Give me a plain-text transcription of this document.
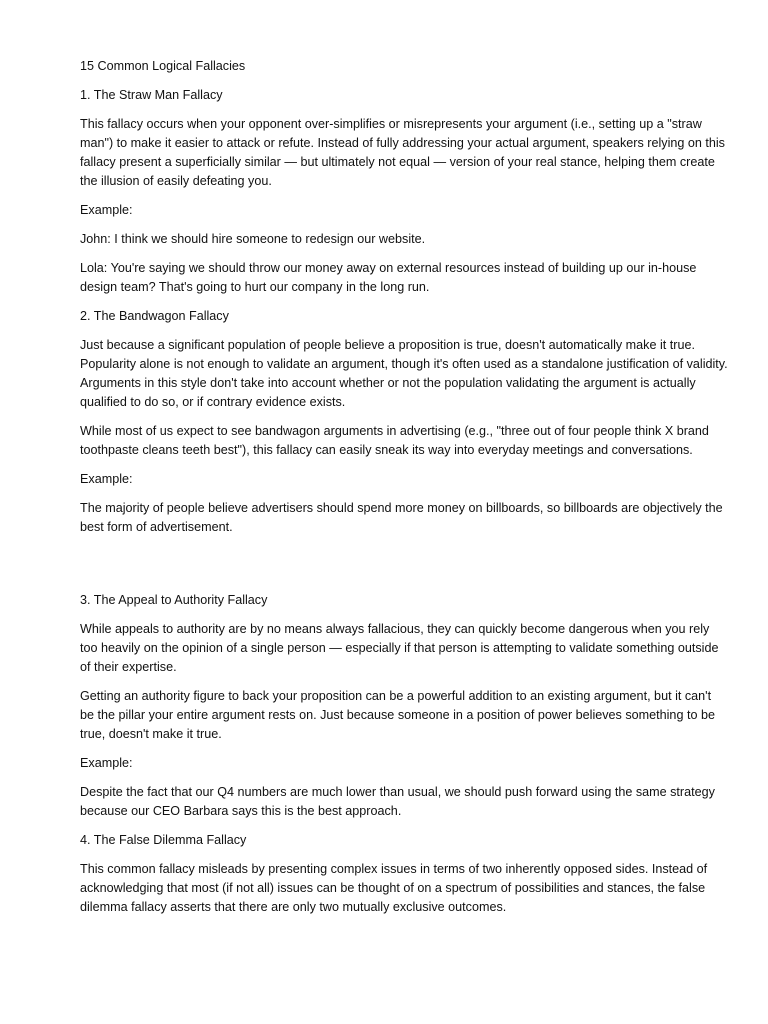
15 Common Logical Fallacies

1. The Straw Man Fallacy

This fallacy occurs when your opponent over-simplifies or misrepresents your argument (i.e., setting up a "straw man") to make it easier to attack or refute. Instead of fully addressing your actual argument, speakers relying on this fallacy present a superficially similar — but ultimately not equal — version of your real stance, helping them create the illusion of easily defeating you.

Example:

John: I think we should hire someone to redesign our website.

Lola: You're saying we should throw our money away on external resources instead of building up our in-house design team? That's going to hurt our company in the long run.

2. The Bandwagon Fallacy

Just because a significant population of people believe a proposition is true, doesn't automatically make it true. Popularity alone is not enough to validate an argument, though it's often used as a standalone justification of validity. Arguments in this style don't take into account whether or not the population validating the argument is actually qualified to do so, or if contrary evidence exists.

While most of us expect to see bandwagon arguments in advertising (e.g., "three out of four people think X brand toothpaste cleans teeth best"), this fallacy can easily sneak its way into everyday meetings and conversations.

Example:

The majority of people believe advertisers should spend more money on billboards, so billboards are objectively the best form of advertisement.

3. The Appeal to Authority Fallacy

While appeals to authority are by no means always fallacious, they can quickly become dangerous when you rely too heavily on the opinion of a single person — especially if that person is attempting to validate something outside of their expertise.

Getting an authority figure to back your proposition can be a powerful addition to an existing argument, but it can't be the pillar your entire argument rests on. Just because someone in a position of power believes something to be true, doesn't make it true.

Example:

Despite the fact that our Q4 numbers are much lower than usual, we should push forward using the same strategy because our CEO Barbara says this is the best approach.

4. The False Dilemma Fallacy

This common fallacy misleads by presenting complex issues in terms of two inherently opposed sides. Instead of acknowledging that most (if not all) issues can be thought of on a spectrum of possibilities and stances, the false dilemma fallacy asserts that there are only two mutually exclusive outcomes.
